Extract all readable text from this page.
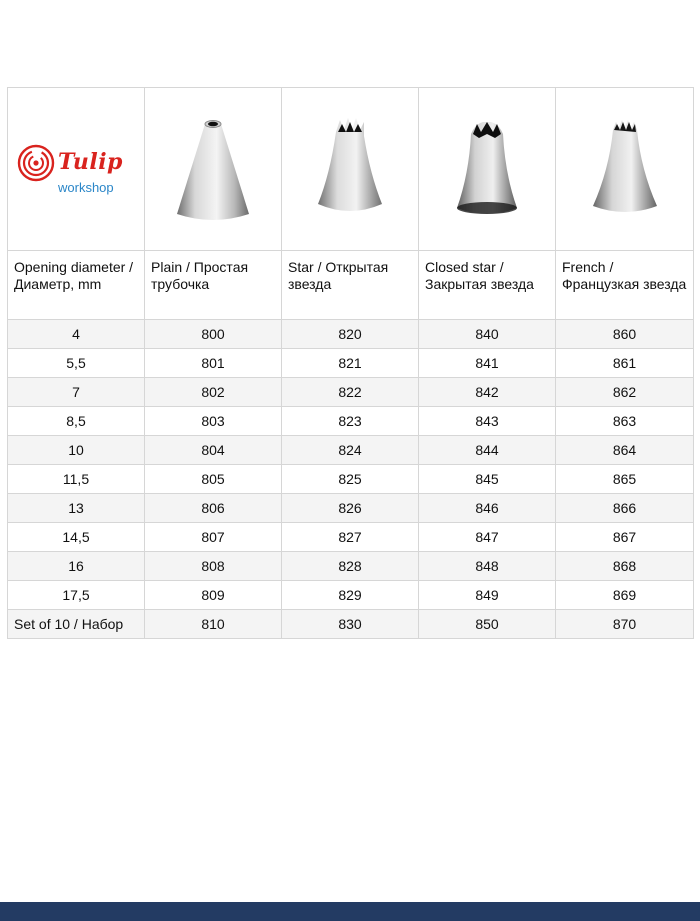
Tulip
workshop

Opening diameter / Диаметр, mm	Plain / Простая трубочка	Star / Открытая звезда	Closed star / Закрытая звезда	French / Французкая звезда
4	800	820	840	860
5,5	801	821	841	861
7	802	822	842	862
8,5	803	823	843	863
10	804	824	844	864
11,5	805	825	845	865
13	806	826	846	866
14,5	807	827	847	867
16	808	828	848	868
17,5	809	829	849	869
Set of 10 / Набор	810	830	850	870
